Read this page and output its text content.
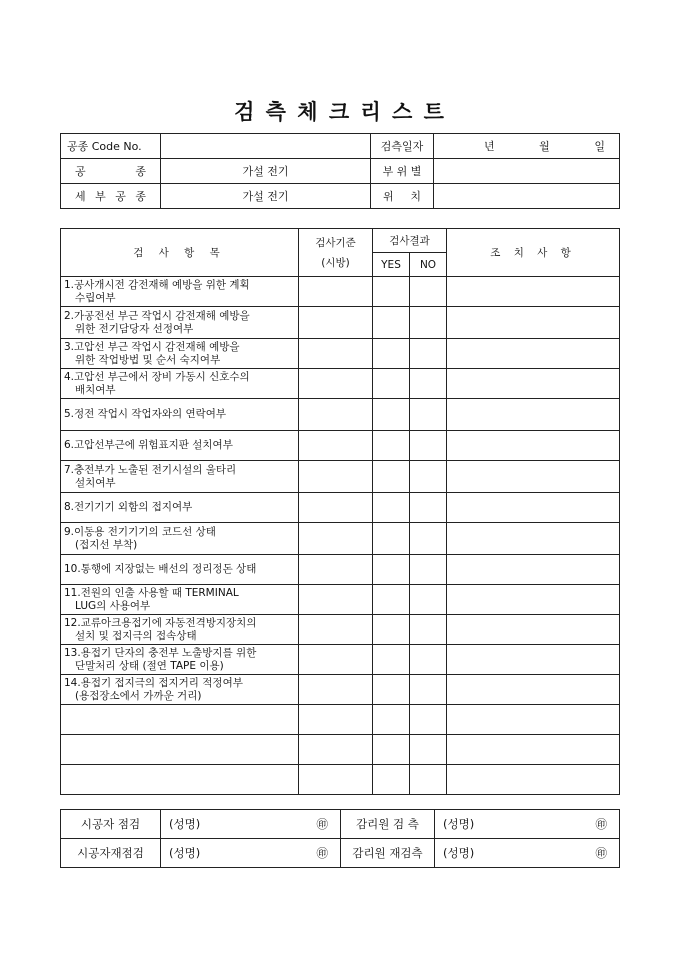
검 측 체 크 리 스 트
공종 Code No.		검측일자	년 월 일

공 종	가설 전기	부 위 별	
세 부 공 종	가설 전기	위 치	
검 사 항 목	검사기준
(시방)	검사결과		조 치 사 항
		YES	NO	

1.공사개시전 감전재해 예방을 위한 계획
수립여부				

2.가공전선 부근 작업시 감전재해 예방을
위한 전기담당자 선정여부				

3.고압선 부근 작업시 감전재해 예방을
위한 작업방법 및 순서 숙지여부				

4.고압선 부근에서 장비 가동시 신호수의
배치여부				

5.정전 작업시 작업자와의 연락여부				

6.고압선부근에 위험표지판 설치여부				

7.충전부가 노출된 전기시설의 울타리
설치여부				

8.전기기기 외함의 접지여부				

9.이동용 전기기기의 코드선 상태
(접지선 부착)				

10.통행에 지장없는 배선의 정리정돈 상태				

11.전원의 인출 사용할 때 TERMINAL
LUG의 사용여부				

12.교류아크용접기에 자동전격방지장치의
설치 및 접지극의 접속상태				

13.용접기 단자의 충전부 노출방지를 위한
단말처리 상태 (절연 TAPE 이용)				

14.용접기 접지극의 접지거리 적정여부
(용접장소에서 가까운 거리)				

시공자 점검	(성명)	㊞	감리원 검 측	(성명)	㊞
시공자재점검	(성명)	㊞	감리원 재검측	(성명)	㊞
